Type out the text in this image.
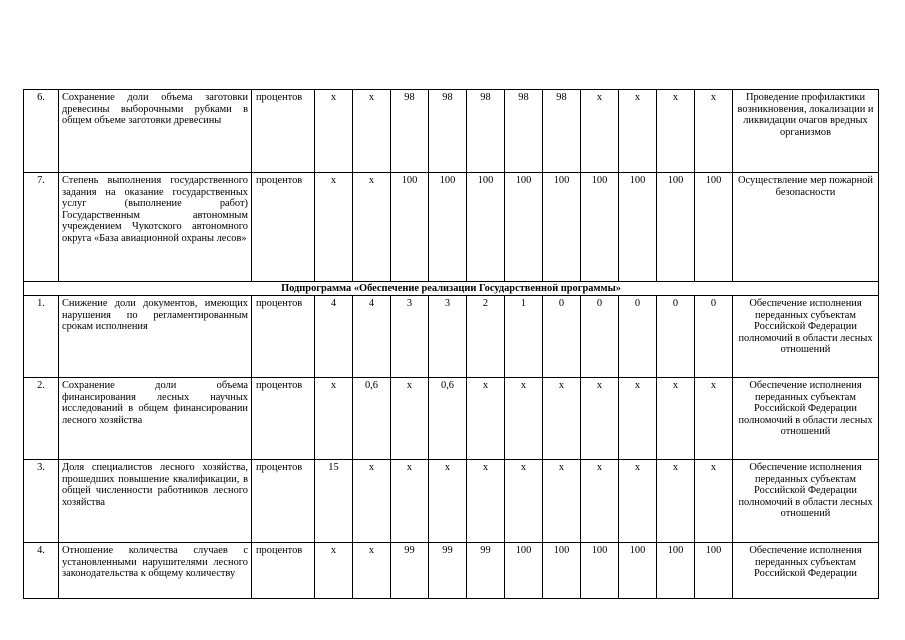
6.	Сохранение доли объема заготовки древесины выборочными рубками в общем объеме заготовки древесины	процентов	x	x	98	98	98	98	98	x	x	x	x	Проведение профилактики возникновения, локализации и ликвидации очагов вредных организмов
7.	Степень выполнения государственного задания на оказание государственных услуг (выполнение работ) Государственным автономным учреждением Чукотского автономного округа «База авиационной охраны лесов»	процентов	x	x	100	100	100	100	100	100	100	100	100	Осуществление мер пожарной безопасности
Подпрограмма «Обеспечение реализации Государственной программы»														
1.	Снижение доли документов, имеющих нарушения по регламентированным срокам исполнения	процентов	4	4	3	3	2	1	0	0	0	0	0	Обеспечение исполнения переданных субъектам Российской Федерации полномочий в области лесных отношений
2.	Сохранение доли объема финансирования лесных научных исследований в общем финансировании лесного хозяйства	процентов	x	0,6	x	0,6	x	x	x	x	x	x	x	Обеспечение исполнения переданных субъектам Российской Федерации полномочий в области лесных отношений
3.	Доля специалистов лесного хозяйства, прошедших повышение квалификации, в общей численности работников лесного хозяйства	процентов	15	x	x	x	x	x	x	x	x	x	x	Обеспечение исполнения переданных субъектам Российской Федерации полномочий в области лесных отношений
4.	Отношение количества случаев с установленными нарушителями лесного законодательства к общему количеству	процентов	x	x	99	99	99	100	100	100	100	100	100	Обеспечение исполнения переданных субъектам Российской Федерации
